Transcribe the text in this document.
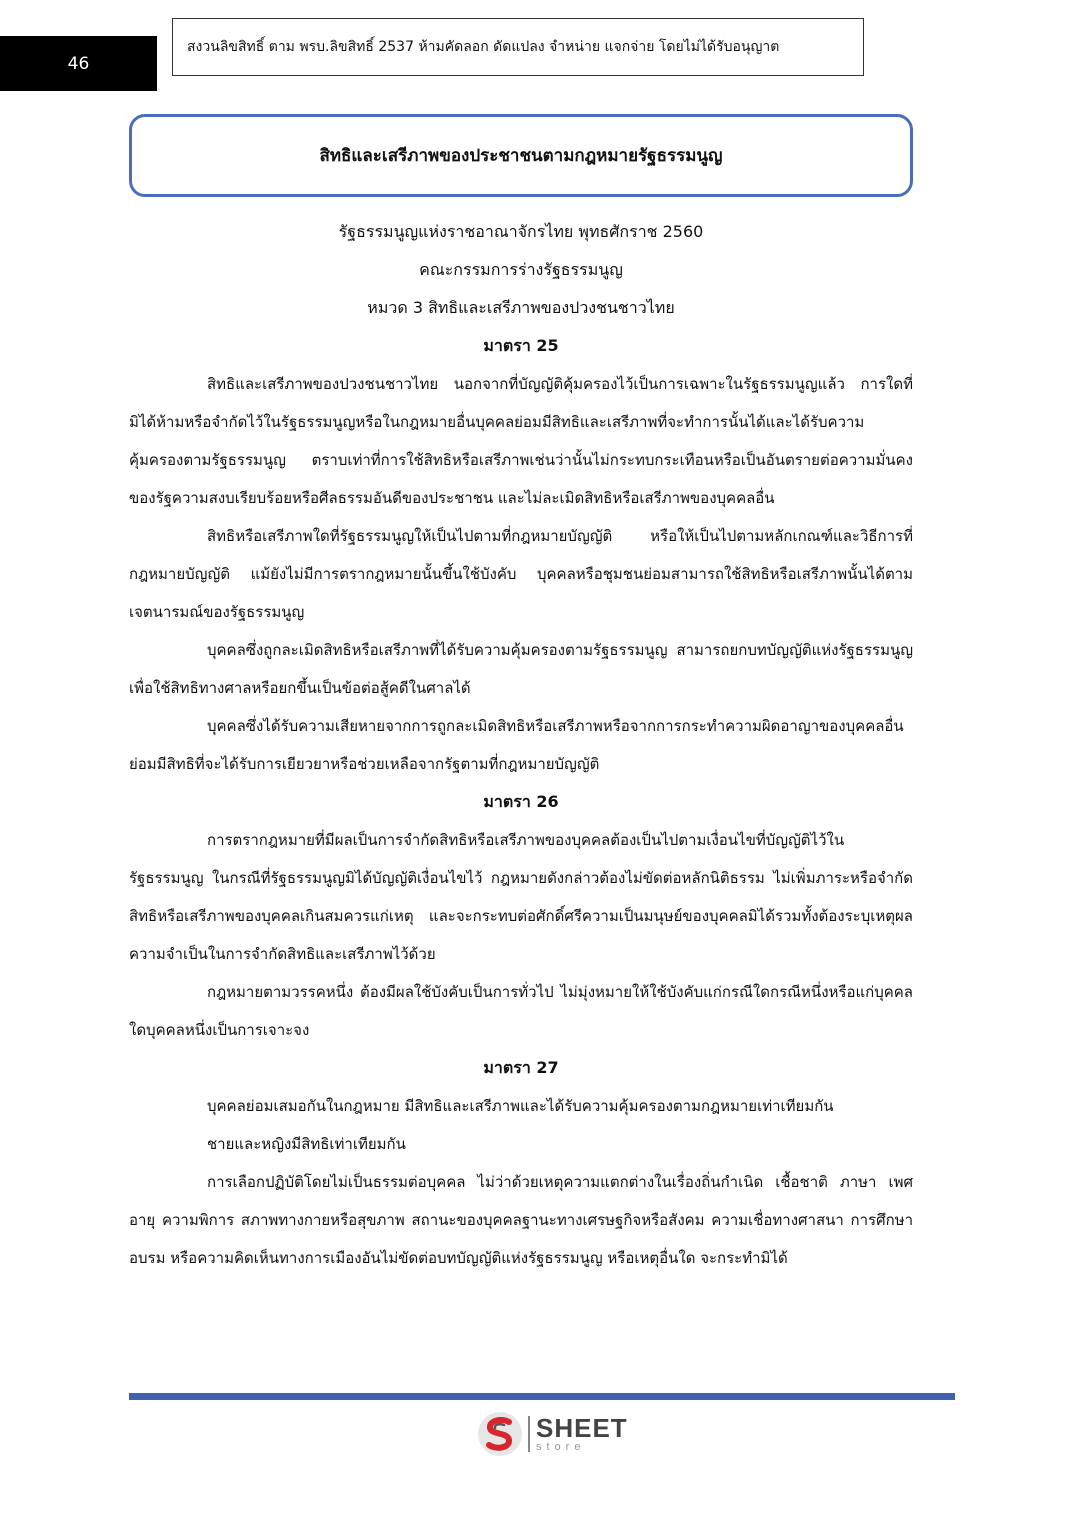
46
สงวนลิขสิทธิ์ ตาม พรบ.ลิขสิทธิ์ 2537 ห้ามคัดลอก ดัดแปลง จำหน่าย แจกจ่าย โดยไม่ได้รับอนุญาต
สิทธิและเสรีภาพของประชาชนตามกฎหมายรัฐธรรมนูญ
รัฐธรรมนูญแห่งราชอาณาจักรไทย พุทธศักราช 2560
คณะกรรมการร่างรัฐธรรมนูญ
หมวด 3 สิทธิและเสรีภาพของปวงชนชาวไทย
มาตรา 25
สิทธิและเสรีภาพของปวงชนชาวไทย นอกจากที่บัญญัติคุ้มครองไว้เป็นการเฉพาะในรัฐธรรมนูญแล้ว การใดที่มิได้ห้ามหรือจำกัดไว้ในรัฐธรรมนูญหรือในกฎหมายอื่นบุคคลย่อมมีสิทธิและเสรีภาพที่จะทำการนั้นได้และได้รับความคุ้มครองตามรัฐธรรมนูญ ตราบเท่าที่การใช้สิทธิหรือเสรีภาพเช่นว่านั้นไม่กระทบกระเทือนหรือเป็นอันตรายต่อความมั่นคงของรัฐความสงบเรียบร้อยหรือศีลธรรมอันดีของประชาชน และไม่ละเมิดสิทธิหรือเสรีภาพของบุคคลอื่น
สิทธิหรือเสรีภาพใดที่รัฐธรรมนูญให้เป็นไปตามที่กฎหมายบัญญัติ หรือให้เป็นไปตามหลักเกณฑ์และวิธีการที่กฎหมายบัญญัติ แม้ยังไม่มีการตรากฎหมายนั้นขึ้นใช้บังคับ บุคคลหรือชุมชนย่อมสามารถใช้สิทธิหรือเสรีภาพนั้นได้ตามเจตนารมณ์ของรัฐธรรมนูญ
บุคคลซึ่งถูกละเมิดสิทธิหรือเสรีภาพที่ได้รับความคุ้มครองตามรัฐธรรมนูญ สามารถยกบทบัญญัติแห่งรัฐธรรมนูญเพื่อใช้สิทธิทางศาลหรือยกขึ้นเป็นข้อต่อสู้คดีในศาลได้
บุคคลซึ่งได้รับความเสียหายจากการถูกละเมิดสิทธิหรือเสรีภาพหรือจากการกระทำความผิดอาญาของบุคคลอื่น ย่อมมีสิทธิที่จะได้รับการเยียวยาหรือช่วยเหลือจากรัฐตามที่กฎหมายบัญญัติ
มาตรา 26
การตรากฎหมายที่มีผลเป็นการจำกัดสิทธิหรือเสรีภาพของบุคคลต้องเป็นไปตามเงื่อนไขที่บัญญัติไว้ในรัฐธรรมนูญ ในกรณีที่รัฐธรรมนูญมิได้บัญญัติเงื่อนไขไว้ กฎหมายดังกล่าวต้องไม่ขัดต่อหลักนิติธรรม ไม่เพิ่มภาระหรือจำกัดสิทธิหรือเสรีภาพของบุคคลเกินสมควรแก่เหตุ และจะกระทบต่อศักดิ์ศรีความเป็นมนุษย์ของบุคคลมิได้รวมทั้งต้องระบุเหตุผลความจำเป็นในการจำกัดสิทธิและเสรีภาพไว้ด้วย
กฎหมายตามวรรคหนึ่ง ต้องมีผลใช้บังคับเป็นการทั่วไป ไม่มุ่งหมายให้ใช้บังคับแก่กรณีใดกรณีหนึ่งหรือแก่บุคคลใดบุคคลหนึ่งเป็นการเจาะจง
มาตรา 27
บุคคลย่อมเสมอกันในกฎหมาย มีสิทธิและเสรีภาพและได้รับความคุ้มครองตามกฎหมายเท่าเทียมกัน
ชายและหญิงมีสิทธิเท่าเทียมกัน
การเลือกปฏิบัติโดยไม่เป็นธรรมต่อบุคคล ไม่ว่าด้วยเหตุความแตกต่างในเรื่องถิ่นกำเนิด เชื้อชาติ ภาษา เพศ อายุ ความพิการ สภาพทางกายหรือสุขภาพ สถานะของบุคคลฐานะทางเศรษฐกิจหรือสังคม ความเชื่อทางศาสนา การศึกษาอบรม หรือความคิดเห็นทางการเมืองอันไม่ขัดต่อบทบัญญัติแห่งรัฐธรรมนูญ หรือเหตุอื่นใด จะกระทำมิได้
SHEET
store
